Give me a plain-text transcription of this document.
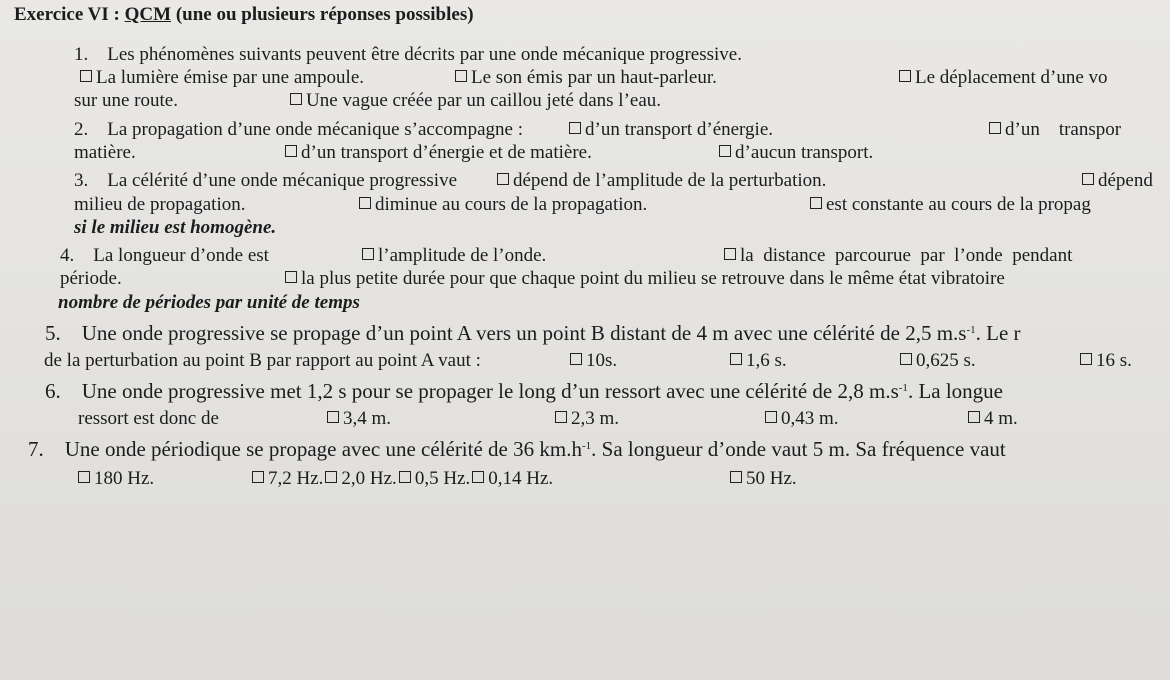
Exercice VI : QCM (une ou plusieurs réponses possibles)
1.    Les phénomènes suivants peuvent être décrits par une onde mécanique progressive.
La lumière émise par une ampoule.	Le son émis par un haut-parleur.	Le déplacement d’une vo
sur une route.	Une vague créée par un caillou jeté dans l’eau.
2.    La propagation d’une onde mécanique s’accompagne :	d’un transport d’énergie.	d’un    transpor
matière.	d’un transport d’énergie et de matière.	d’aucun transport.
3.    La célérité d’une onde mécanique progressive	dépend de l’amplitude de la perturbation.	dépend
milieu de propagation.	diminue au cours de la propagation.	est constante au cours de la propag
si le milieu est homogène.
4.    La longueur d’onde est	l’amplitude de l’onde.	la  distance  parcourue  par  l’onde  pendant
période.	la plus petite durée pour que chaque point du milieu se retrouve dans le même état vibratoire
nombre de périodes par unité de temps
5.    Une onde progressive se propage d’un point A vers un point B distant de 4 m avec une célérité de 2,5 $m.s^{-1}$. Le r
de la perturbation au point B par rapport au point A vaut :	10s.	1,6 s.	0,625 s.	16 s.
6.    Une onde progressive met 1,2 s pour se propager le long d’un ressort avec une célérité de 2,8 $m.s^{-1}$. La longue
ressort est donc de	3,4 m.	2,3 m.	0,43 m.	4 m.
7.    Une onde périodique se propage avec une célérité de 36 $km.h^{-1}$. Sa longueur d’onde vaut 5 m. Sa fréquence vaut
180 Hz.	7,2 Hz. 2,0 Hz. 0,5 Hz. 0,14 Hz.	50 Hz.
